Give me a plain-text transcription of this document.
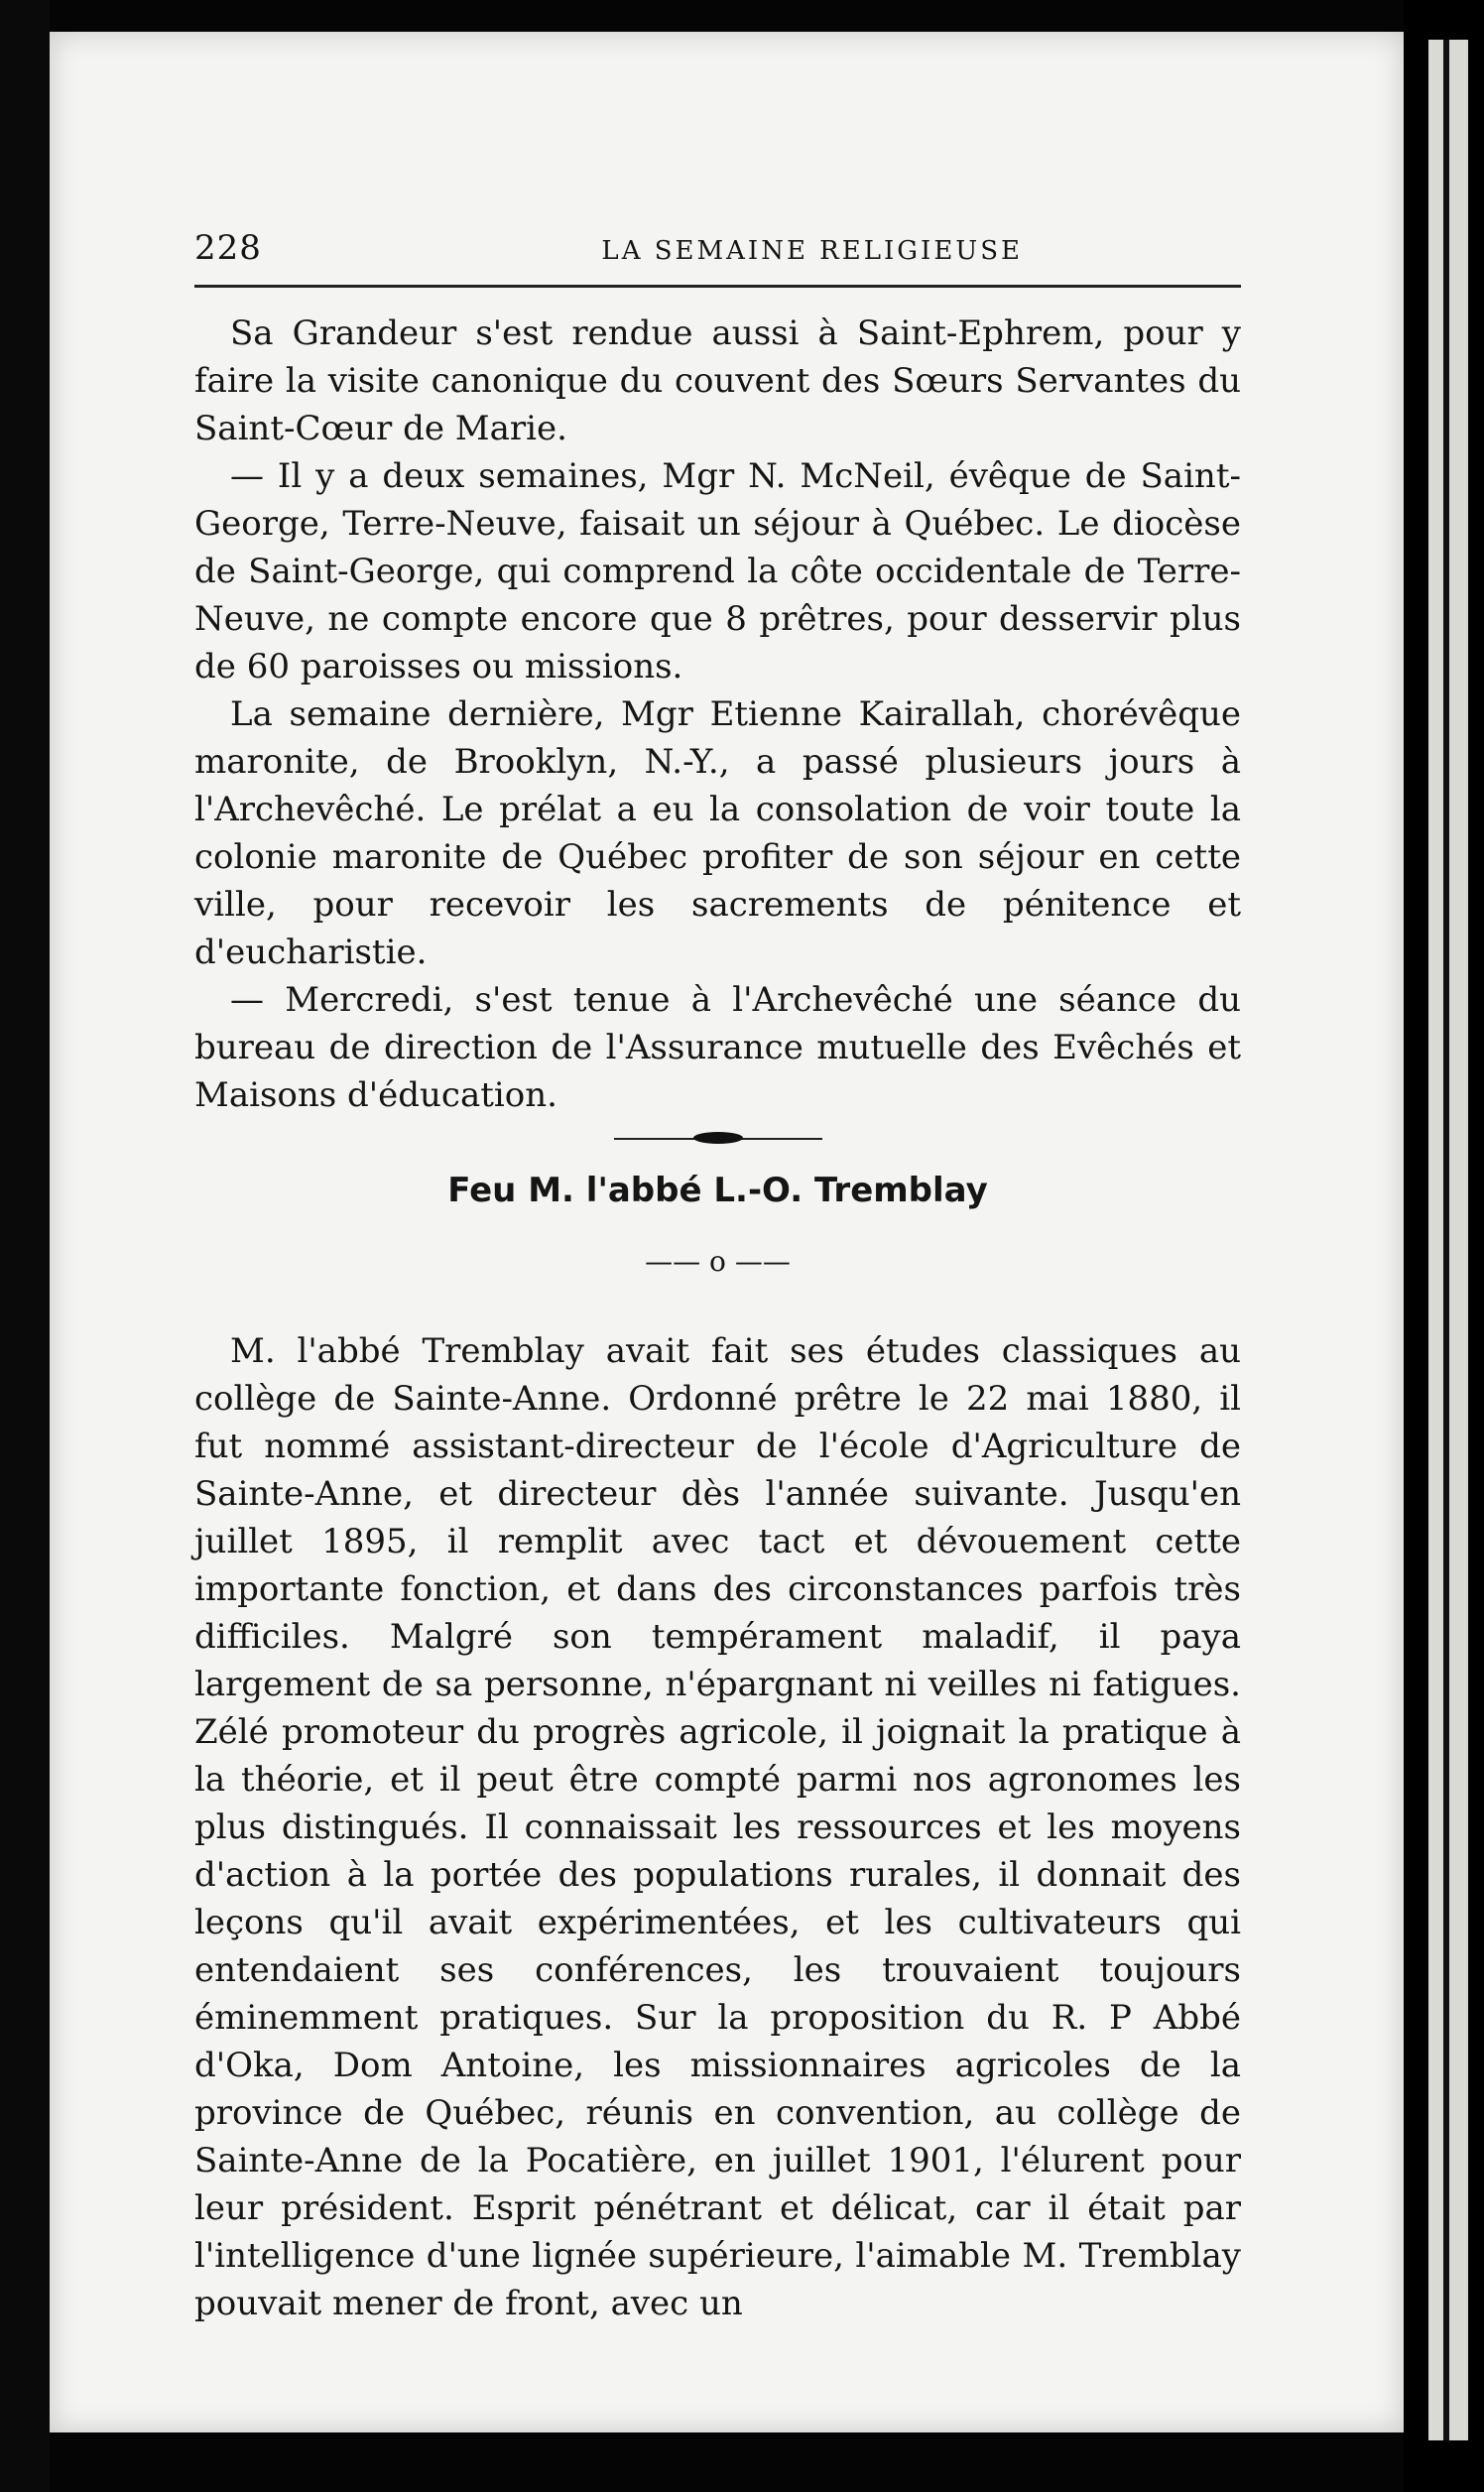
228	LA SEMAINE RELIGIEUSE

Sa Grandeur s'est rendue aussi à Saint-Ephrem, pour y faire la visite canonique du couvent des Sœurs Servantes du Saint-Cœur de Marie.

— Il y a deux semaines, Mgr N. McNeil, évêque de Saint-George, Terre-Neuve, faisait un séjour à Québec. Le diocèse de Saint-George, qui comprend la côte occidentale de Terre-Neuve, ne compte encore que 8 prêtres, pour desservir plus de 60 paroisses ou missions.

La semaine dernière, Mgr Etienne Kairallah, chorévêque maronite, de Brooklyn, N.-Y., a passé plusieurs jours à l'Archevêché. Le prélat a eu la consolation de voir toute la colonie maronite de Québec profiter de son séjour en cette ville, pour recevoir les sacrements de pénitence et d'eucharistie.

— Mercredi, s'est tenue à l'Archevêché une séance du bureau de direction de l'Assurance mutuelle des Evêchés et Maisons d'éducation.

Feu M. l'abbé L.-O. Tremblay
—— o ——

M. l'abbé Tremblay avait fait ses études classiques au collège de Sainte-Anne. Ordonné prêtre le 22 mai 1880, il fut nommé assistant-directeur de l'école d'Agriculture de Sainte-Anne, et directeur dès l'année suivante. Jusqu'en juillet 1895, il remplit avec tact et dévouement cette importante fonction, et dans des circonstances parfois très difficiles. Malgré son tempérament maladif, il paya largement de sa personne, n'épargnant ni veilles ni fatigues. Zélé promoteur du progrès agricole, il joignait la pratique à la théorie, et il peut être compté parmi nos agronomes les plus distingués. Il connaissait les ressources et les moyens d'action à la portée des populations rurales, il donnait des leçons qu'il avait expérimentées, et les cultivateurs qui entendaient ses conférences, les trouvaient toujours éminemment pratiques. Sur la proposition du R. P Abbé d'Oka, Dom Antoine, les missionnaires agricoles de la province de Québec, réunis en convention, au collège de Sainte-Anne de la Pocatière, en juillet 1901, l'élurent pour leur président. Esprit pénétrant et délicat, car il était par l'intelligence d'une lignée supérieure, l'aimable M. Tremblay pouvait mener de front, avec un
